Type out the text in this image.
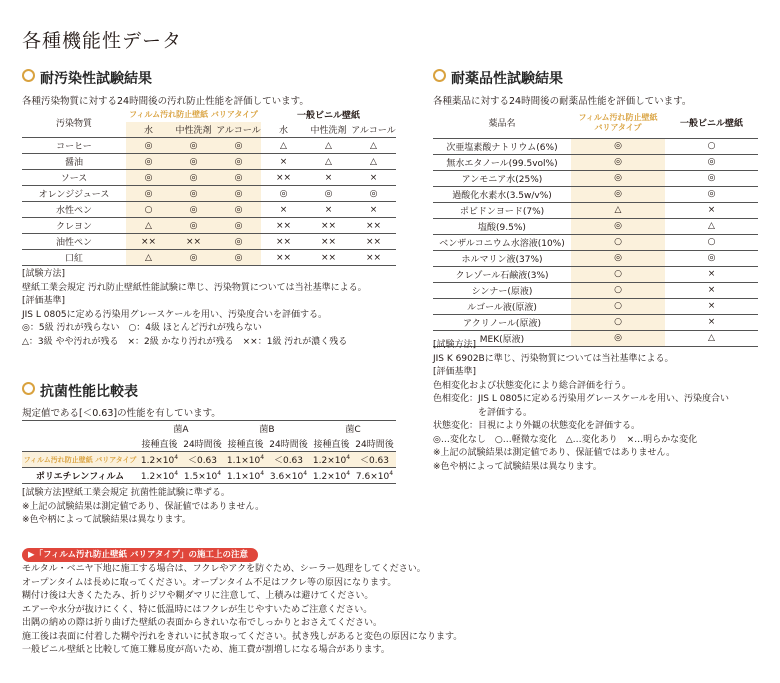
各種機能性データ
耐汚染性試験結果
各種汚染物質に対する24時間後の汚れ防止性能を評価しています。
汚染物質	フィルム汚れ防止壁紙 バリアタイプ			一般ビニル壁紙		
	水	中性洗剤	アルコール	水	中性洗剤	アルコール
コーヒー	◎	◎	◎	△	△	△
醤油	◎	◎	◎	×	△	△
ソース	◎	◎	◎	××	×	×
オレンジジュース	◎	◎	◎	◎	◎	◎
水性ペン	○	◎	◎	×	×	×
クレヨン	△	◎	◎	××	××	××
油性ペン	××	××	◎	××	××	××
口紅	△	◎	◎	××	××	××
[試験方法]
壁紙工業会規定 汚れ防止壁紙性能試験に準じ、汚染物質については当社基準による。
[評価基準]
JIS L 0805に定める汚染用グレースケールを用い、汚染度合いを評価する。
◎：5級 汚れが残らない　○：4級 ほとんど汚れが残らない
△：3級 やや汚れが残る　×：2級 かなり汚れが残る　××：1級 汚れが濃く残る
抗菌性能比較表
規定値である[＜0.63]の性能を有しています。
	菌A		菌B		菌C	
	接種直後	24時間後	接種直後	24時間後	接種直後	24時間後
フィルム汚れ防止壁紙 バリアタイプ	$1.2\times 10^4$	＜0.63	$1.1\times 10^4$	＜0.63	$1.2\times 10^4$	＜0.63
ポリエチレンフィルム	$1.2\times 10^4$	$1.5\times 10^4$	$1.1\times 10^4$	$3.6\times 10^4$	$1.2\times 10^4$	$7.6\times 10^4$
[試験方法]壁紙工業会規定 抗菌性能試験に準ずる。
※上記の試験結果は測定値であり、保証値ではありません。
※色や柄によって試験結果は異なります。
▶「フィルム汚れ防止壁紙 バリアタイプ」の施工上の注意
モルタル・ベニヤ下地に施工する場合は、フクレやアクを防ぐため、シーラー処理をしてください。
オープンタイムは長めに取ってください。オープンタイム不足はフクレ等の原因になります。
糊付け後は大きくたたみ、折りジワや糊ダマリに注意して、上積みは避けてください。
エアーや水分が抜けにくく、特に低温時にはフクレが生じやすいためご注意ください。
出隅の納めの際は折り曲げた壁紙の表面からきれいな布でしっかりとおさえてください。
施工後は表面に付着した糊や汚れをきれいに拭き取ってください。拭き残しがあると変色の原因になります。
一般ビニル壁紙と比較して施工難易度が高いため、施工費が割増しになる場合があります。
耐薬品性試験結果
各種薬品に対する24時間後の耐薬品性能を評価しています。
薬品名	フィルム汚れ防止壁紙 バリアタイプ	一般ビニル壁紙
次亜塩素酸ナトリウム(6%)	◎	○
無水エタノール(99.5vol%)	◎	◎
アンモニア水(25%)	◎	◎
過酸化水素水(3.5w/v%)	◎	◎
ポビドンヨード(7%)	△	×
塩酸(9.5%)	◎	△
ベンザルコニウム水溶液(10%)	○	○
ホルマリン液(37%)	◎	◎
クレゾール石鹸液(3%)	○	×
シンナー(原液)	○	×
ルゴール液(原液)	○	×
アクリノール(原液)	○	×
MEK(原液)	◎	△
[試験方法]
JIS K 6902Bに準じ、汚染物質については当社基準による。
[評価基準]
色相変化および状態変化により総合評価を行う。
色相変化：JIS L 0805に定める汚染用グレースケールを用い、汚染度合い
　　　　　を評価する。
状態変化：目視により外観の状態変化を評価する。
◎…変化なし　○…軽微な変化　△…変化あり　×…明らかな変化
※上記の試験結果は測定値であり、保証値ではありません。
※色や柄によって試験結果は異なります。
